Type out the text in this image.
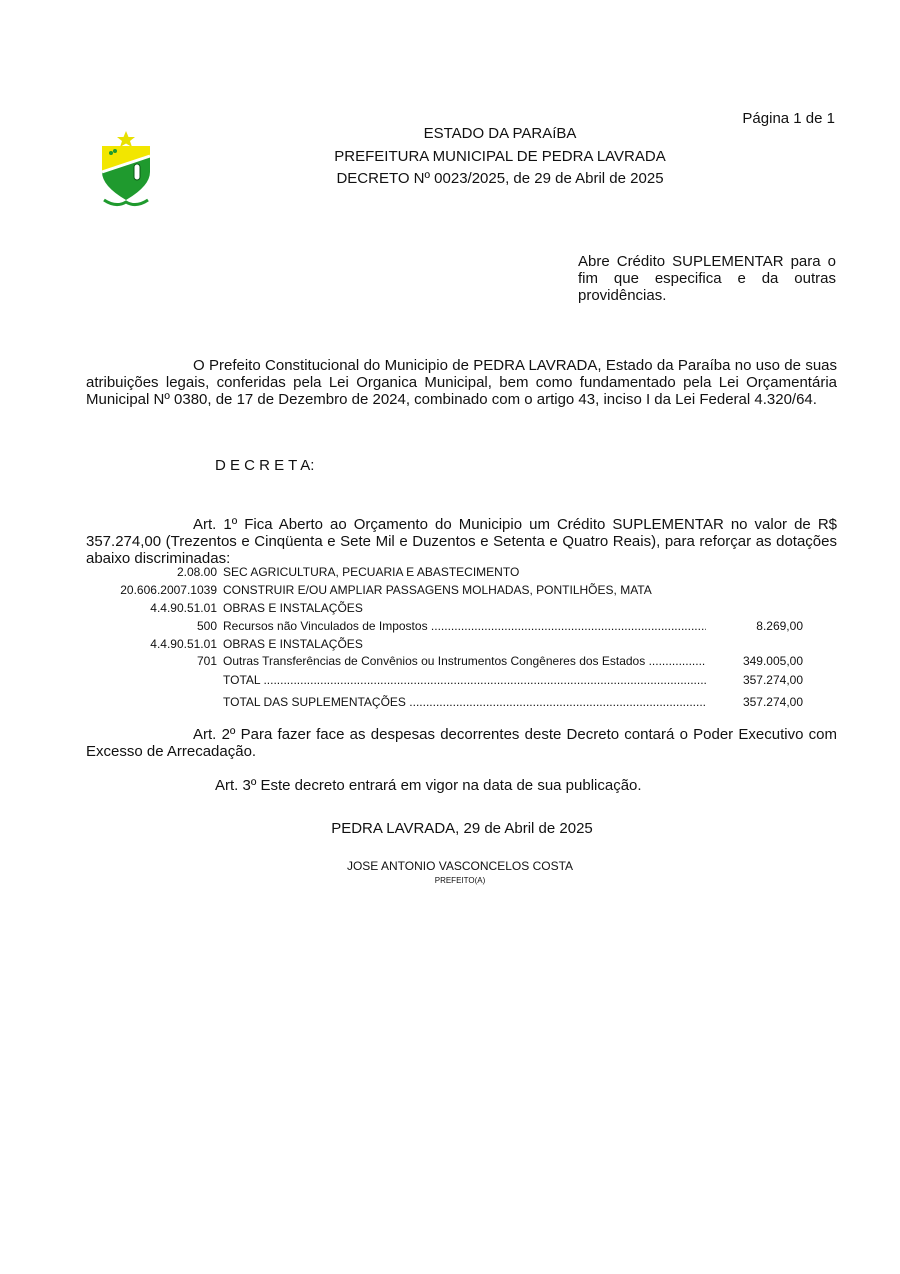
Página 1 de 1
ESTADO DA PARAíBA
PREFEITURA MUNICIPAL DE PEDRA LAVRADA
DECRETO Nº 0023/2025, de 29 de Abril de 2025
Abre Crédito SUPLEMENTAR para o fim que especifica e da outras providências.
O Prefeito Constitucional do Municipio de PEDRA LAVRADA, Estado da Paraíba no uso de suas atribuições legais, conferidas pela Lei Organica Municipal, bem como fundamentado pela Lei Orçamentária Municipal Nº 0380, de 17 de Dezembro de 2024, combinado com o artigo 43, inciso I da Lei Federal 4.320/64.
D E C R E T A:
Art. 1º Fica Aberto ao Orçamento do Municipio um Crédito SUPLEMENTAR no valor de R$ 357.274,00 (Trezentos e Cinqüenta e Sete Mil e Duzentos e Setenta e Quatro Reais), para reforçar as dotações abaixo discriminadas:
2.08.00 SEC AGRICULTURA, PECUARIA E ABASTECIMENTO
20.606.2007.1039 CONSTRUIR E/OU AMPLIAR PASSAGENS MOLHADAS, PONTILHÕES, MATA
4.4.90.51.01 OBRAS E INSTALAÇÕES
500 Recursos não Vinculados de Impostos .....	8.269,00
4.4.90.51.01 OBRAS E INSTALAÇÕES
701 Outras Transferências de Convênios ou Instrumentos Congêneres dos Estados .....	349.005,00
TOTAL .....	357.274,00
TOTAL DAS SUPLEMENTAÇÕES .....	357.274,00
Art. 2º Para fazer face as despesas decorrentes deste Decreto contará o Poder Executivo com Excesso de Arrecadação.
Art. 3º Este decreto entrará em vigor na data de sua publicação.
PEDRA LAVRADA, 29 de Abril de 2025
JOSE ANTONIO VASCONCELOS COSTA
PREFEITO(A)
